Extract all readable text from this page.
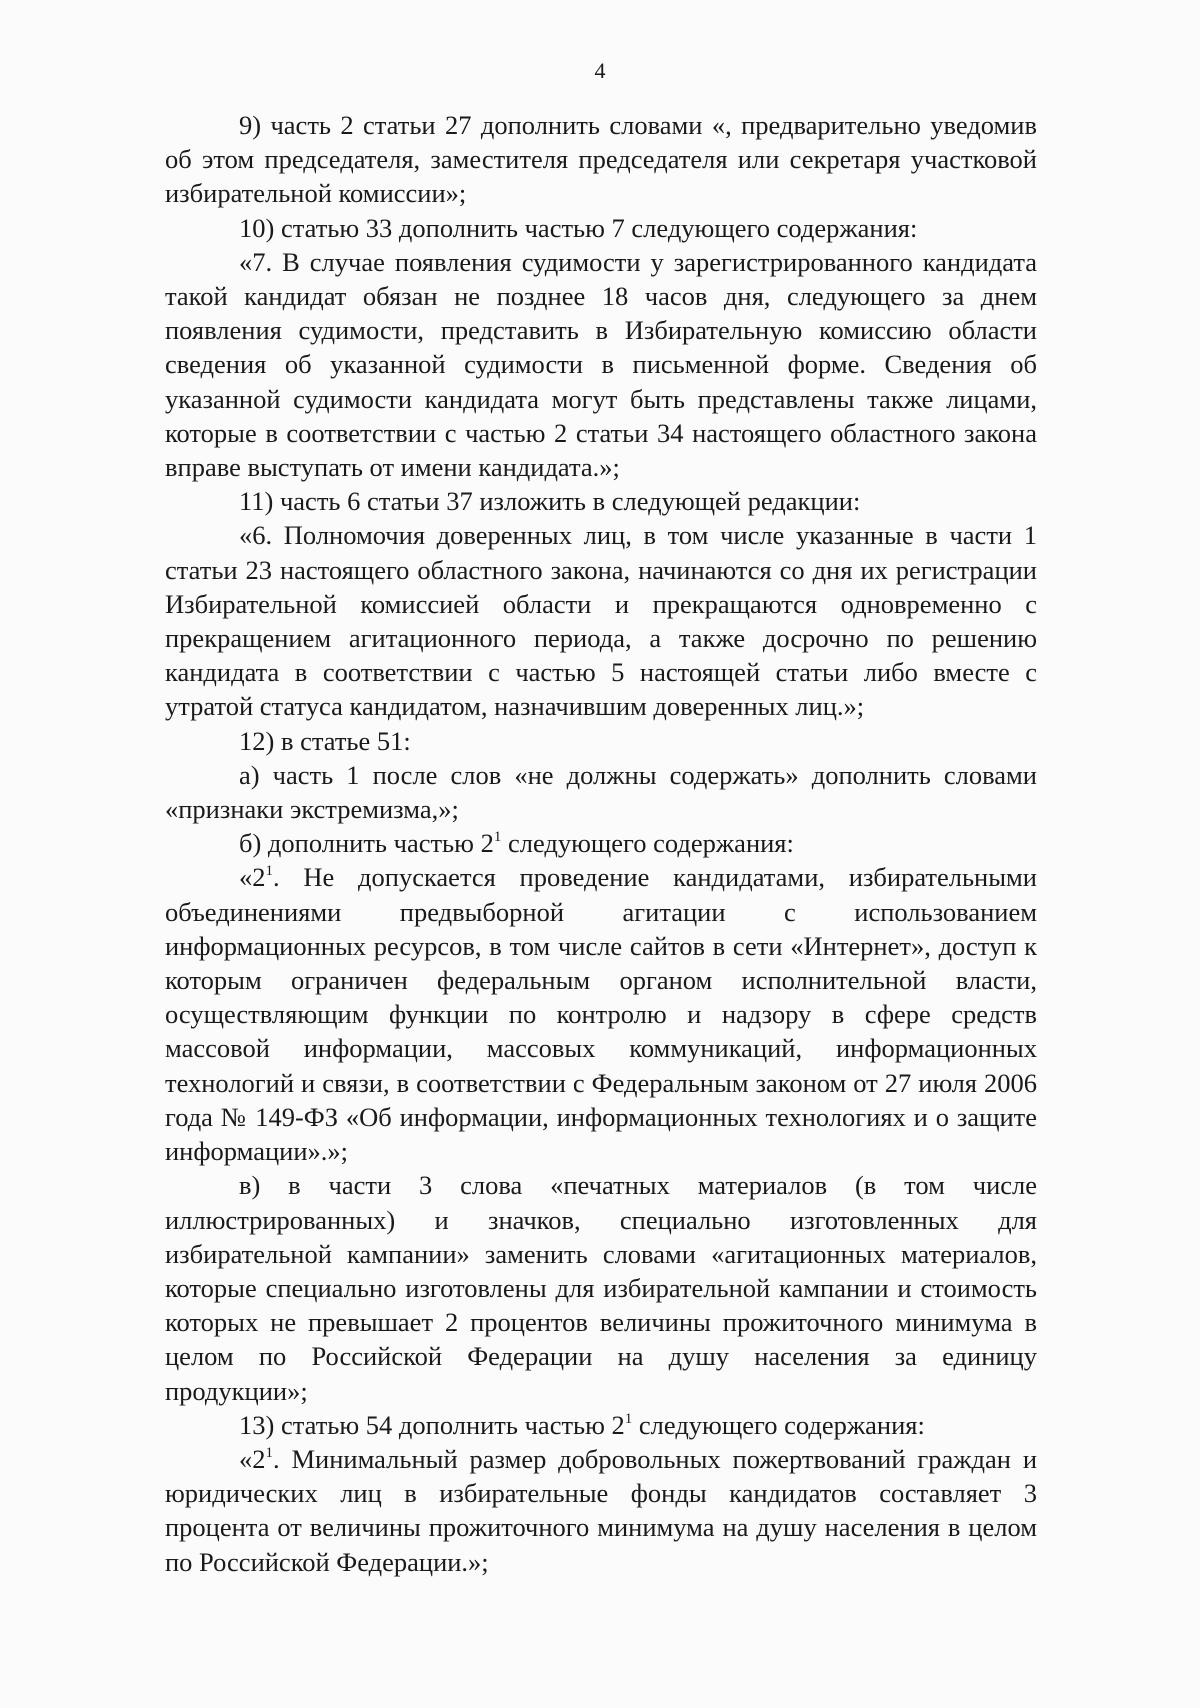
4

9) часть 2 статьи 27 дополнить словами «, предварительно уведомив об этом председателя, заместителя председателя или секретаря участковой избирательной комиссии»;

10) статью 33 дополнить частью 7 следующего содержания:

«7. В случае появления судимости у зарегистрированного кандидата такой кандидат обязан не позднее 18 часов дня, следующего за днем появления судимости, представить в Избирательную комиссию области сведения об указанной судимости в письменной форме. Сведения об указанной судимости кандидата могут быть представлены также лицами, которые в соответствии с частью 2 статьи 34 настоящего областного закона вправе выступать от имени кандидата.»;

11) часть 6 статьи 37 изложить в следующей редакции:

«6. Полномочия доверенных лиц, в том числе указанные в части 1 статьи 23 настоящего областного закона, начинаются со дня их регистрации Избирательной комиссией области и прекращаются одновременно с прекращением агитационного периода, а также досрочно по решению кандидата в соответствии с частью 5 настоящей статьи либо вместе с утратой статуса кандидатом, назначившим доверенных лиц.»;

12) в статье 51:

а) часть 1 после слов «не должны содержать» дополнить словами «признаки экстремизма,»;

б) дополнить частью $2^1$ следующего содержания:

«$2^1$. Не допускается проведение кандидатами, избирательными объединениями предвыборной агитации с использованием информационных ресурсов, в том числе сайтов в сети «Интернет», доступ к которым ограничен федеральным органом исполнительной власти, осуществляющим функции по контролю и надзору в сфере средств массовой информации, массовых коммуникаций, информационных технологий и связи, в соответствии с Федеральным законом от 27 июля 2006 года № 149-ФЗ «Об информации, информационных технологиях и о защите информации».»;

в) в части 3 слова «печатных материалов (в том числе иллюстрированных) и значков, специально изготовленных для избирательной кампании» заменить словами «агитационных материалов, которые специально изготовлены для избирательной кампании и стоимость которых не превышает 2 процентов величины прожиточного минимума в целом по Российской Федерации на душу населения за единицу продукции»;

13) статью 54 дополнить частью $2^1$ следующего содержания:

«$2^1$. Минимальный размер добровольных пожертвований граждан и юридических лиц в избирательные фонды кандидатов составляет 3 процента от величины прожиточного минимума на душу населения в целом по Российской Федерации.»;
